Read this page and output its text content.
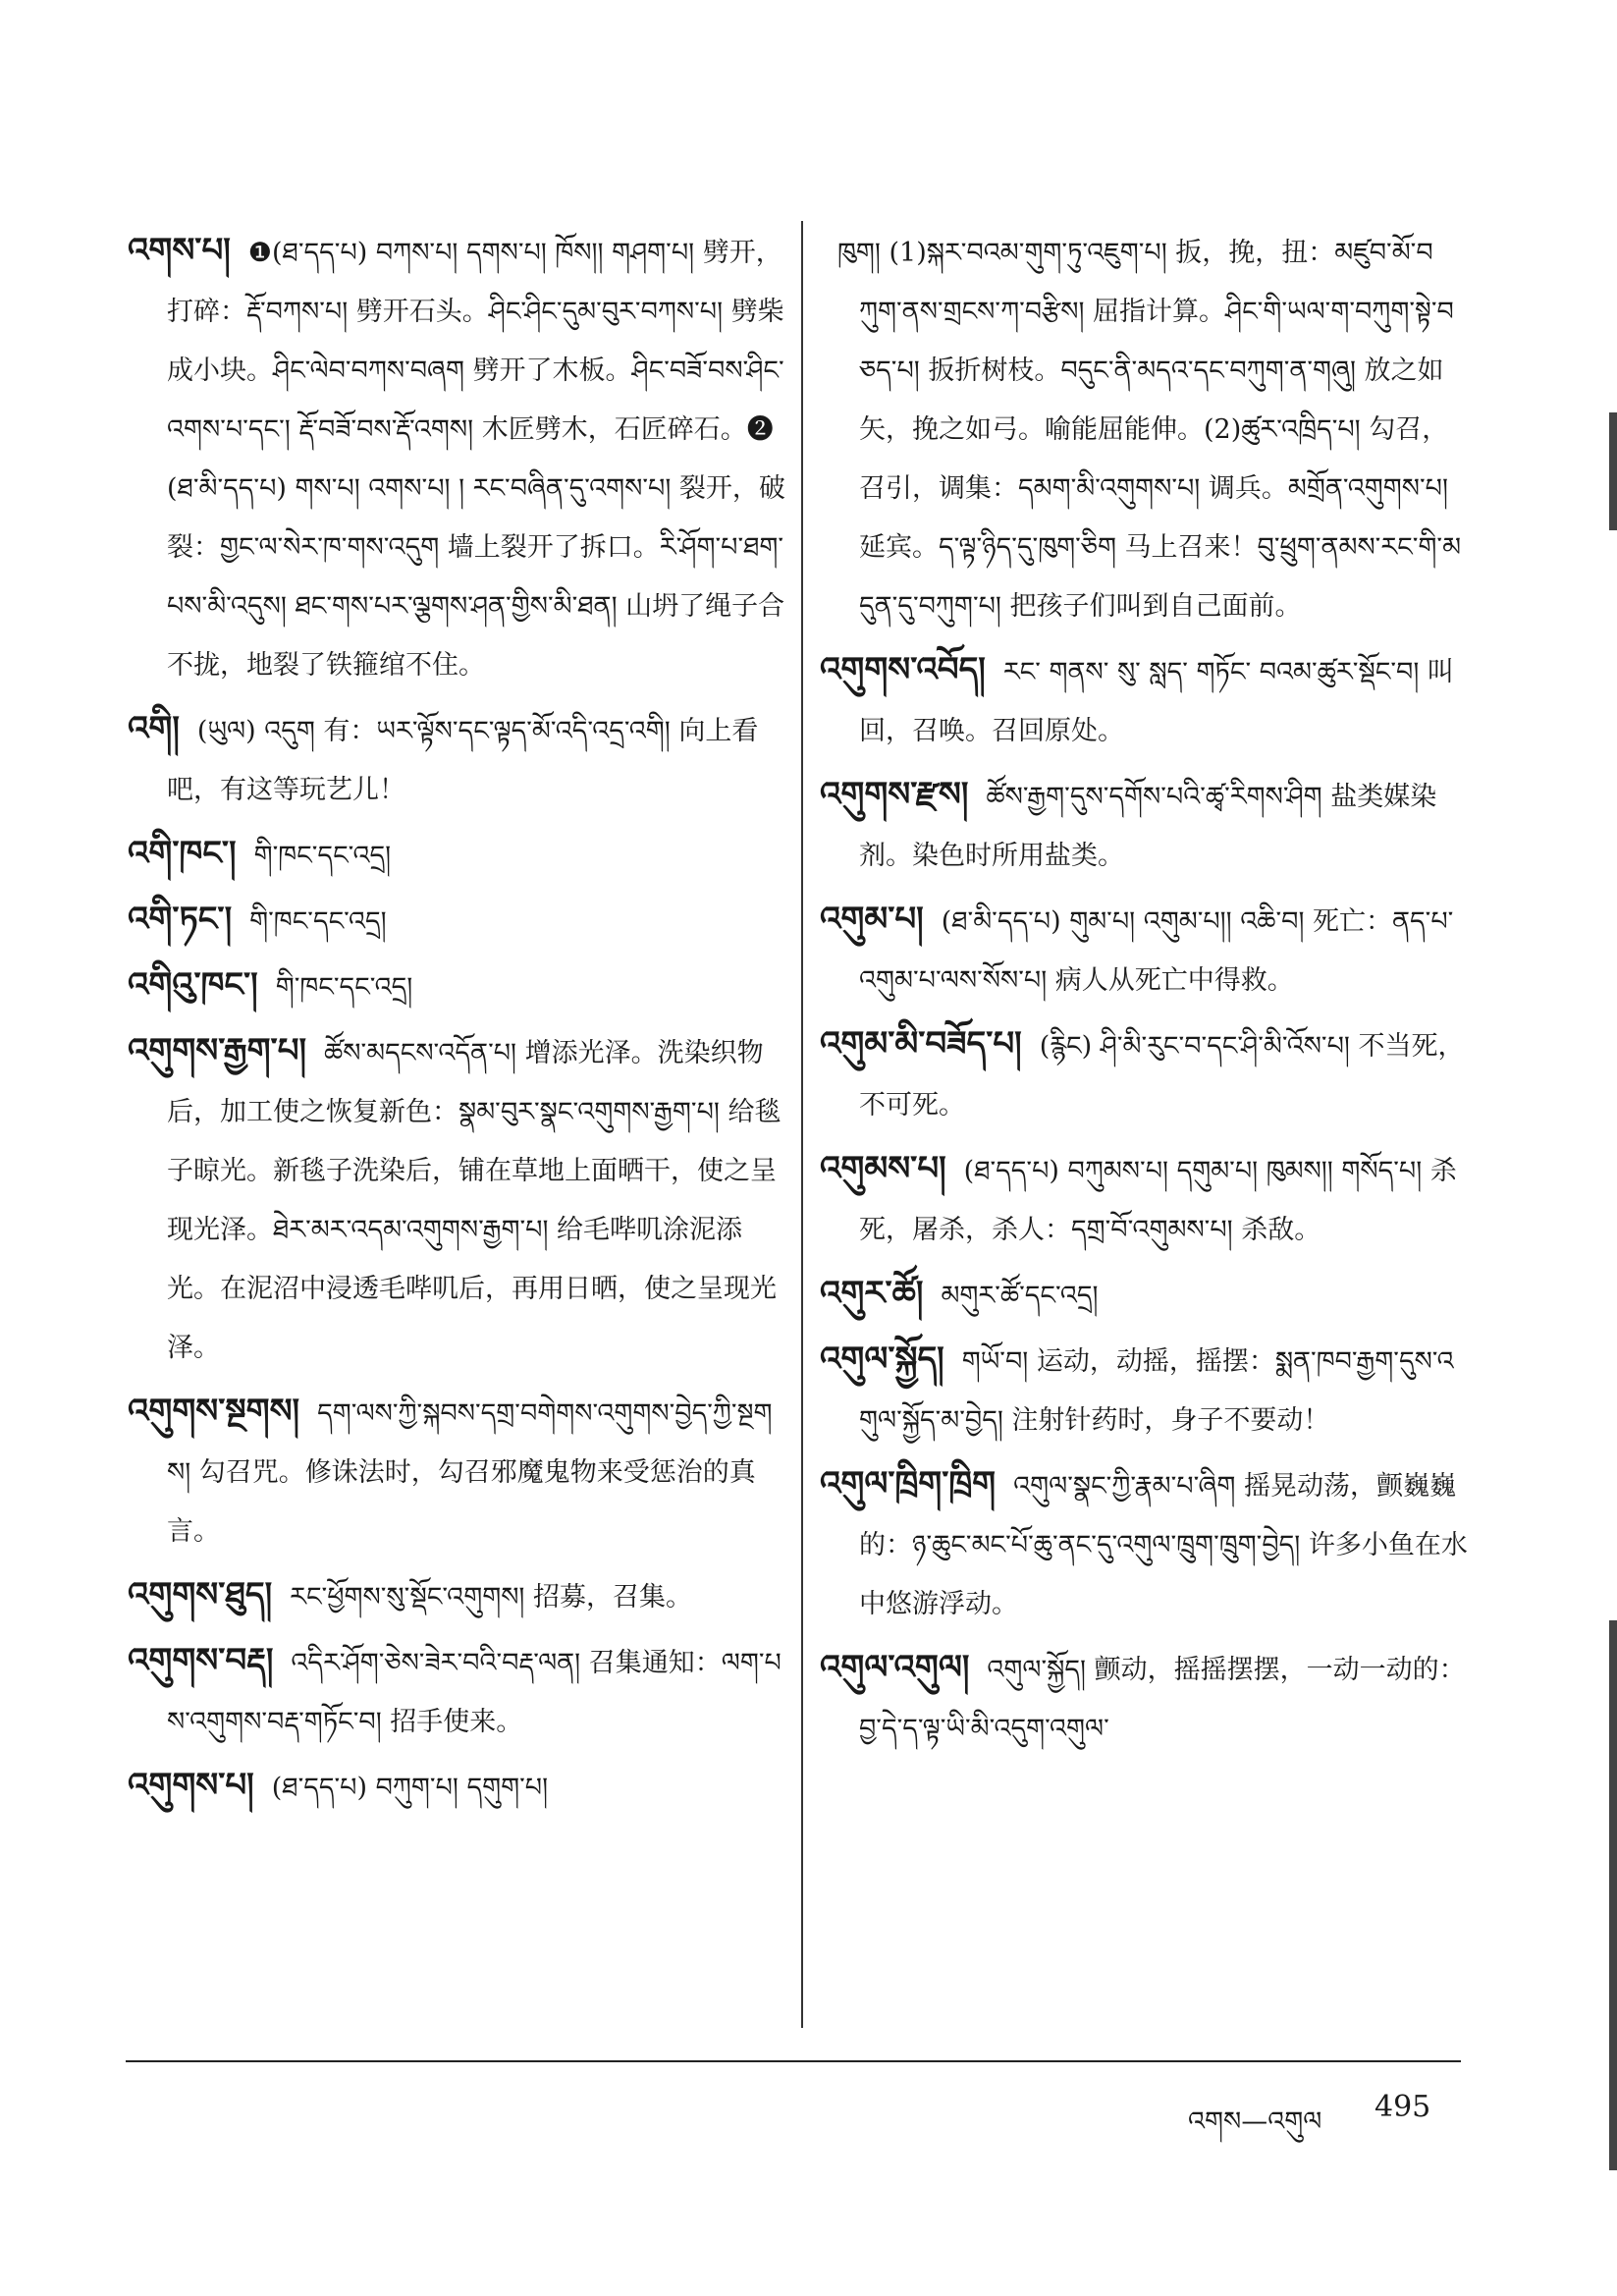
འགས་པ། ❶(ཐ་དད་པ) བཀས་པ། དགས་པ། ཁོས།། གཤག་པ། 劈开，打碎：རྡོ་བཀས་པ། 劈开石头。ཤིང་ཤིང་དུམ་བུར་བཀས་པ། 劈柴成小块。ཤིང་ལེབ་བཀས་བཞག 劈开了木板。ཤིང་བཟོ་བས་ཤིང་འགས་པ་དང་། རྡོ་བཟོ་བས་རྡོ་འགས། 木匠劈木，石匠碎石。❷(ཐ་མི་དད་པ) གས་པ། འགས་པ། ། རང་བཞིན་དུ་འགས་པ། 裂开，破裂：གྱང་ལ་སེར་ཁ་གས་འདུག 墙上裂开了拆口。རི་ཤོག་པ་ཐག་པས་མི་འདུས། ཐང་གས་པར་ལྕགས་ཤན་གྱིས་མི་ཐན། 山坍了绳子合不拢，地裂了铁箍绾不住。

འགི། (ཡུལ) འདུག 有：ཡར་ལྟོས་དང་ལྟད་མོ་འདི་འདྲ་འགི། 向上看吧，有这等玩艺儿！

འགི་ཁང་། གི་ཁང་དང་འདྲ།

འགི་ཏང་། གི་ཁང་དང་འདྲ།

འགིའུ་ཁང་། གི་ཁང་དང་འདྲ།

འགུགས་རྒྱག་པ། ཚོས་མདངས་འདོན་པ། 增添光泽。洗染织物后，加工使之恢复新色：སྣམ་བུར་སྣང་འགུགས་རྒྱག་པ། 给毯子晾光。新毯子洗染后，铺在草地上面晒干，使之呈现光泽。ཐེར་མར་འདམ་འགུགས་རྒྱག་པ། 给毛哔叽涂泥添光。在泥沼中浸透毛哔叽后，再用日晒，使之呈现光泽。

འགུགས་སྔགས། དག་ལས་ཀྱི་སྐབས་དགྲ་བགེགས་འགུགས་བྱེད་ཀྱི་སྔགས། 勾召咒。修诛法时，勾召邪魔鬼物来受惩治的真言。

འགུགས་ཐུད། རང་ཕྱོགས་སུ་སྡོང་འགུགས། 招募，召集。

འགུགས་བརྡ། འདིར་ཤོག་ཅེས་ཟེར་བའི་བརྡ་ལན། 召集通知：ལག་པས་འགུགས་བརྡ་གཏོང་བ། 招手使来。

འགུགས་པ། (ཐ་དད་པ) བཀུག་པ། དགུག་པ།

ཁུག། (1)སྐར་བའམ་གུག་ཏུ་འཇུག་པ། 扳，挽，扭：མཛུབ་མོ་བཀུག་ནས་གྲངས་ཀ་བརྩིས། 屈指计算。ཤིང་གི་ཡལ་ག་བཀུག་སྟེ་བཅད་པ། 扳折树枝。བདུང་ནི་མདའ་དང་བཀུག་ན་གཞུ། 放之如矢，挽之如弓。喻能屈能伸。(2)ཚུར་འཁྲིད་པ། 勾召，召引，调集：དམག་མི་འགུགས་པ། 调兵。མགྲོན་འགུགས་པ། 延宾。ད་ལྟ་ཉིད་དུ་ཁུག་ཅིག 马上召来！བུ་ཕྲུག་ནམས་རང་གི་མདུན་དུ་བཀུག་པ། 把孩子们叫到自己面前。

འགུགས་འབོད། རང་ གནས་ སུ་ སླད་ གཏོང་ བའམ་ཚུར་སྡོང་བ། 叫回，召唤。召回原处。

འགུགས་རྫས། ཚོས་རྒྱག་དུས་དགོས་པའི་ཚྭ་རིགས་ཤིག 盐类媒染剂。染色时所用盐类。

འགུམ་པ། (ཐ་མི་དད་པ) གུམ་པ། འགུམ་པ།། འཆི་བ། 死亡：ནད་པ་འགུམ་པ་ལས་སོས་པ། 病人从死亡中得救。

འགུམ་མི་བཟོད་པ། (རྙིང) ཤི་མི་རུང་བ་དང་ཤི་མི་འོས་པ། 不当死，不可死。

འགུམས་པ། (ཐ་དད་པ) བཀུམས་པ། དགུམ་པ། ཁུམས།། གསོད་པ། 杀死，屠杀，杀人：དགྲ་བོ་འགུམས་པ། 杀敌。

འགུར་ཚོ། མགུར་ཚོ་དང་འདྲ།

འགུལ་སྐྱོད། གཡོ་བ། 运动，动摇，摇摆：སྨན་ཁབ་རྒྱག་དུས་འགུལ་སྐྱོད་མ་བྱེད། 注射针药时，身子不要动！

འགུལ་ཁྲིག་ཁྲིག འགུལ་སྣང་ཀྱི་རྣམ་པ་ཞིག 摇晃动荡，颤巍巍的：ཉ་ཆུང་མང་པོ་ཆུ་ནང་དུ་འགུལ་ཁྲུག་ཁྲུག་བྱེད། 许多小鱼在水中悠游浮动。

འགུལ་འགུལ། འགུལ་སྐྱོད། 颤动，摇摇摆摆，一动一动的：བྱ་དེ་ད་ལྟ་ཡི་མི་འདུག་འགུལ་

འགས—འགུལ 495
